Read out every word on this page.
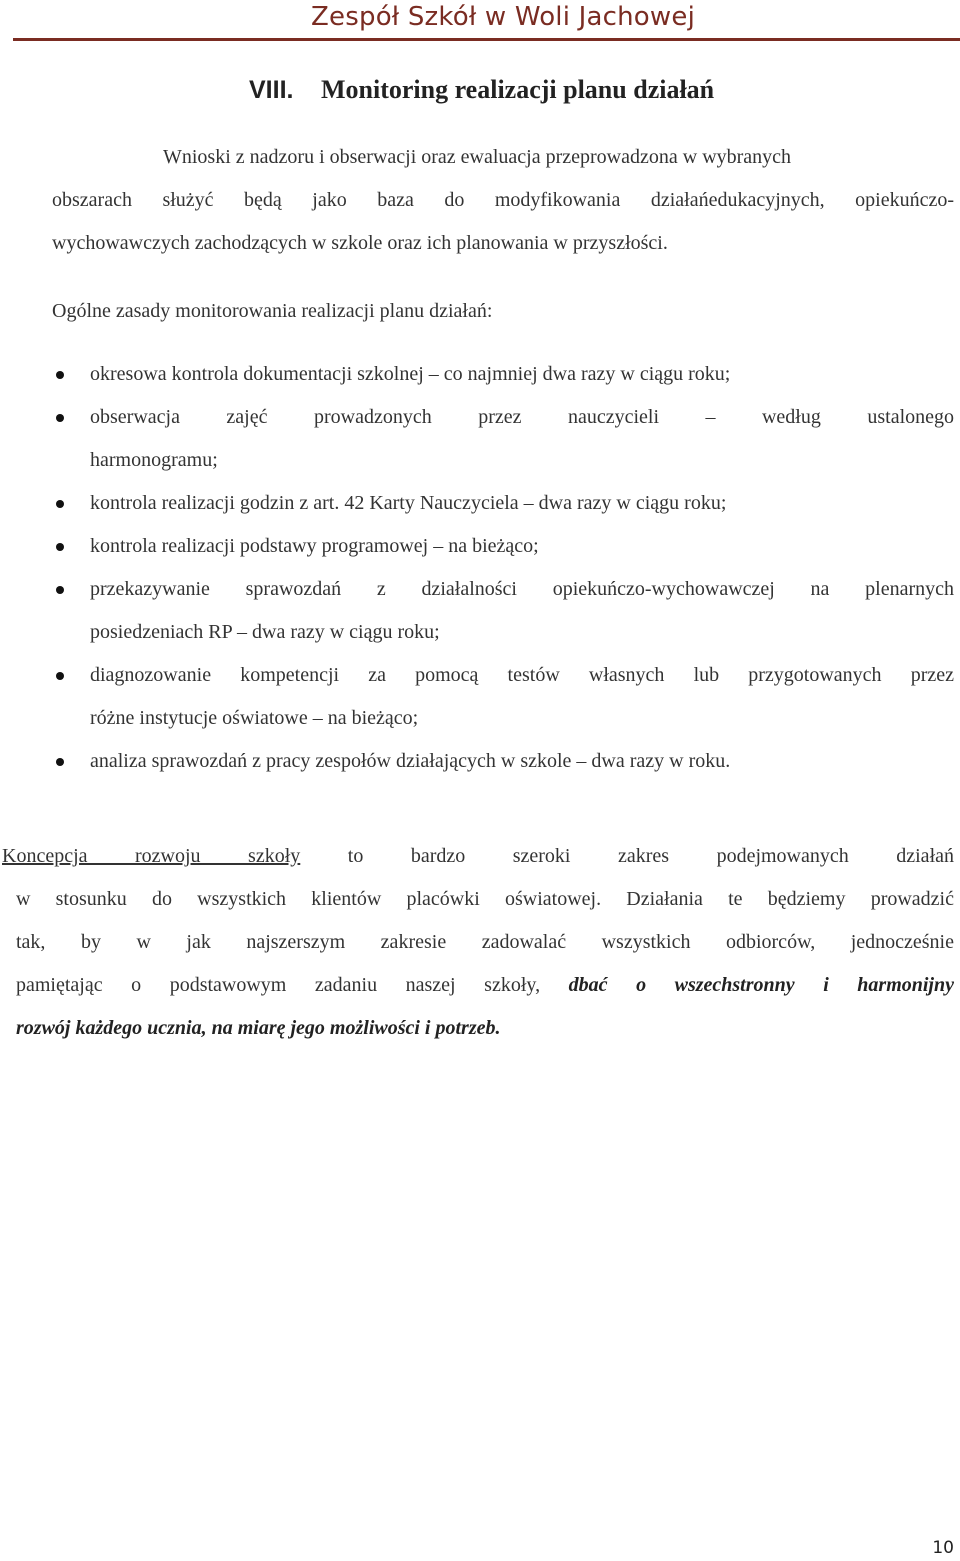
Zespół Szkół w Woli Jachowej
VIII. Monitoring realizacji planu działań
Wnioski z nadzoru i obserwacji oraz ewaluacja przeprowadzona w wybranych
obszarach służyć będą jako baza do modyfikowania działańedukacyjnych, opiekuńczo-
wychowawczych zachodzących w szkole oraz ich planowania w przyszłości.
Ogólne zasady monitorowania realizacji planu działań:
okresowa kontrola dokumentacji szkolnej – co najmniej dwa razy w ciągu roku;
obserwacja zajęć prowadzonych przez nauczycieli – według ustalonego
harmonogramu;
kontrola realizacji godzin z art. 42 Karty Nauczyciela – dwa razy w ciągu roku;
kontrola realizacji podstawy programowej – na bieżąco;
przekazywanie sprawozdań z działalności opiekuńczo-wychowawczej na plenarnych
posiedzeniach RP – dwa razy w ciągu roku;
diagnozowanie kompetencji za pomocą testów własnych lub przygotowanych przez
różne instytucje oświatowe – na bieżąco;
analiza sprawozdań z pracy zespołów działających w szkole – dwa razy w roku.
Koncepcja rozwoju szkoły to bardzo szeroki zakres podejmowanych działań
w stosunku do wszystkich klientów placówki oświatowej. Działania te będziemy prowadzić
tak, by w jak najszerszym zakresie zadowalać wszystkich odbiorców, jednocześnie
pamiętając o podstawowym zadaniu naszej szkoły, dbać o wszechstronny i harmonijny
rozwój każdego ucznia, na miarę jego możliwości i potrzeb.
10
